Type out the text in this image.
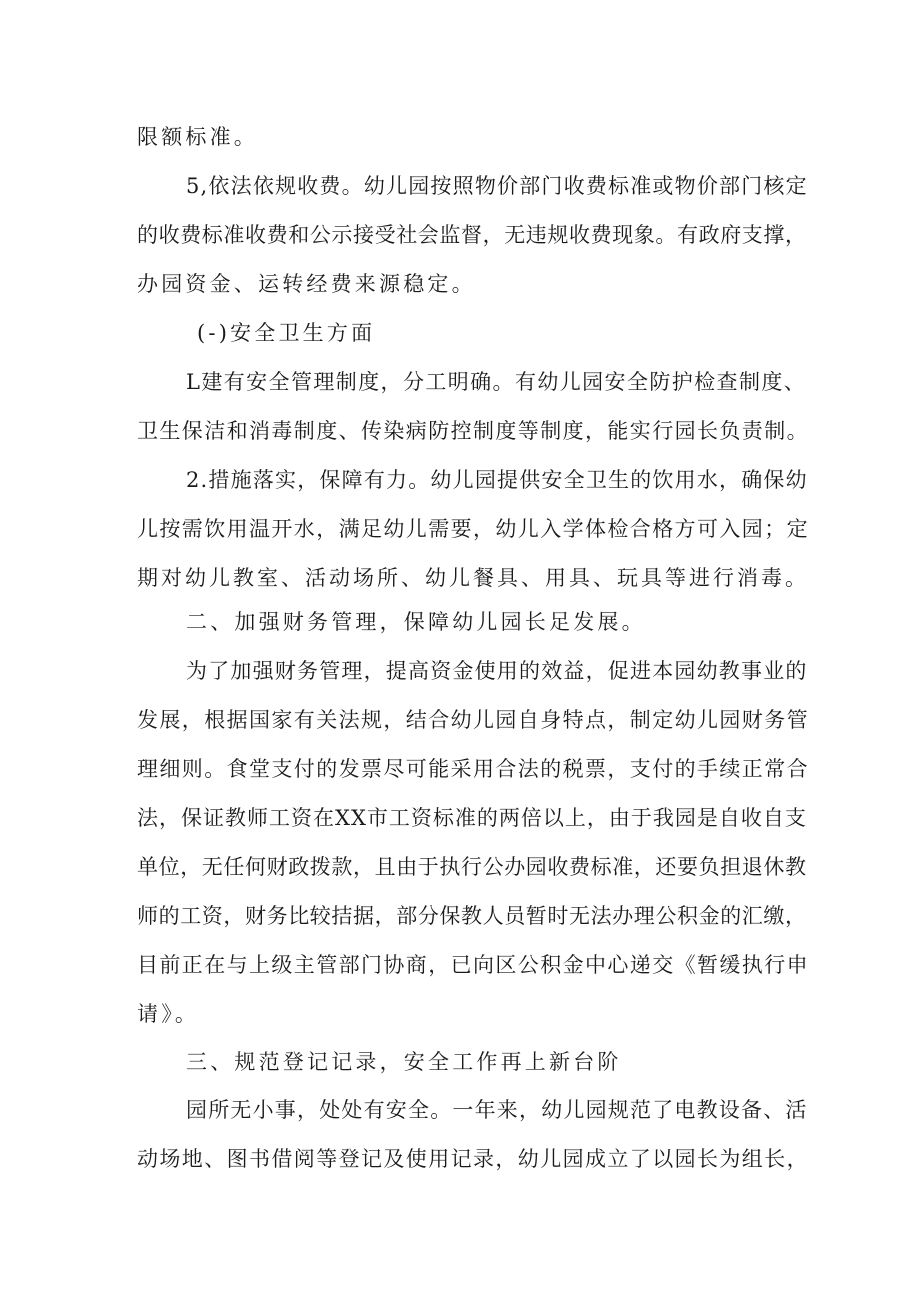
限额标准。
5,依法依规收费。幼儿园按照物价部门收费标准或物价部门核定
的收费标准收费和公示接受社会监督，无违规收费现象。有政府支撑，
办园资金、运转经费来源稳定。
(-)安全卫生方面
L建有安全管理制度，分工明确。有幼儿园安全防护检查制度、
卫生保洁和消毒制度、传染病防控制度等制度，能实行园长负责制。
2.措施落实，保障有力。幼儿园提供安全卫生的饮用水，确保幼
儿按需饮用温开水，满足幼儿需要，幼儿入学体检合格方可入园；定
期对幼儿教室、活动场所、幼儿餐具、用具、玩具等进行消毒。
二、加强财务管理，保障幼儿园长足发展。
为了加强财务管理，提高资金使用的效益，促进本园幼教事业的
发展，根据国家有关法规，结合幼儿园自身特点，制定幼儿园财务管
理细则。食堂支付的发票尽可能采用合法的税票，支付的手续正常合
法，保证教师工资在XX市工资标准的两倍以上，由于我园是自收自支
单位，无任何财政拨款，且由于执行公办园收费标准，还要负担退休教
师的工资，财务比较拮据，部分保教人员暂时无法办理公积金的汇缴，
目前正在与上级主管部门协商，已向区公积金中心递交《暂缓执行申
请》。
三、规范登记记录，安全工作再上新台阶
园所无小事，处处有安全。一年来，幼儿园规范了电教设备、活
动场地、图书借阅等登记及使用记录，幼儿园成立了以园长为组长，
